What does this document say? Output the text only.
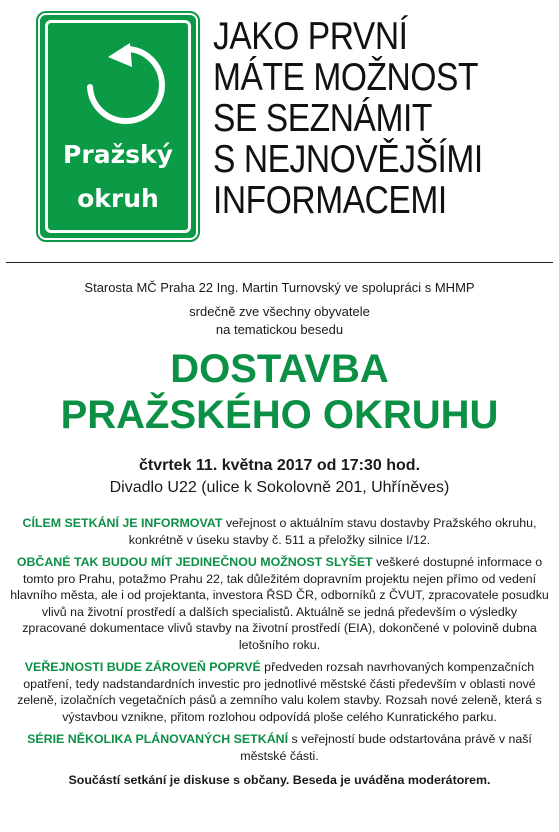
Pražský
okruh
JAKO PRVNÍ
MÁTE MOŽNOST
SE SEZNÁMIT
S NEJNOVĚJŠÍMI
INFORMACEMI
Starosta MČ Praha 22 Ing. Martin Turnovský ve spolupráci s MHMP
srdečně zve všechny obyvatele
na tematickou besedu
DOSTAVBA
PRAŽSKÉHO OKRUHU
čtvrtek 11. května 2017 od 17:30 hod.
Divadlo U22 (ulice k Sokolovně 201, Uhříněves)

CÍLEM SETKÁNÍ JE INFORMOVAT veřejnost o aktuálním stavu dostavby Pražského okruhu, konkrétně v úseku stavby č. 511 a přeložky silnice I/12.

OBČANÉ TAK BUDOU MÍT JEDINEČNOU MOŽNOST SLYŠET veškeré dostupné informace o tomto pro Prahu, potažmo Prahu 22, tak důležitém dopravním projektu nejen přímo od vedení hlavního města, ale i od projektanta, investora ŘSD ČR, odborníků z ČVUT, zpracovatele posudku vlivů na životní prostředí a dalších specialistů. Aktuálně se jedná především o výsledky zpracované dokumentace vlivů stavby na životní prostředí (EIA), dokončené v polovině dubna letošního roku.

VEŘEJNOSTI BUDE ZÁROVEŇ POPRVÉ předveden rozsah navrhovaných kompenzačních opatření, tedy nadstandardních investic pro jednotlivé městské části především v oblasti nové zeleně, izolačních vegetačních pásů a zemního valu kolem stavby. Rozsah nové zeleně, která s výstavbou vznikne, přitom rozlohou odpovídá ploše celého Kunratického parku.

SÉRIE NĚKOLIKA PLÁNOVANÝCH SETKÁNÍ s veřejností bude odstartována právě v naší městské části.

Součástí setkání je diskuse s občany. Beseda je uváděna moderátorem.
